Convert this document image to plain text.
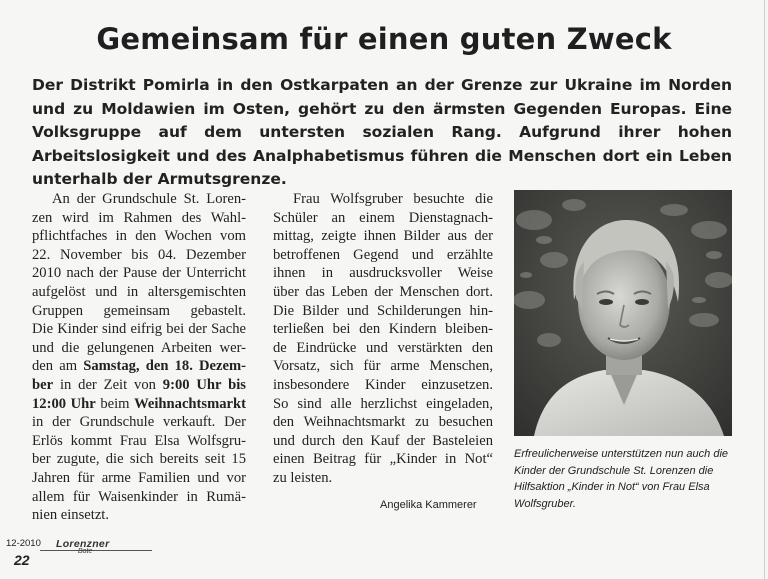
Gemeinsam für einen guten Zweck

Der Distrikt Pomirla in den Ostkarpaten an der Grenze zur Ukraine im Norden und zu Moldawien im Osten, gehört zu den ärmsten Gegenden Europas. Eine Volksgruppe auf dem untersten sozialen Rang. Aufgrund ihrer hohen Arbeitslosigkeit und des Analphabetismus führen die Menschen dort ein Leben unterhalb der Armutsgrenze.

An der Grundschule St. Loren-
zen wird im Rahmen des Wahl-
pflichtfaches in den Wochen vom
22. November bis 04. Dezember
2010 nach der Pause der Unterricht
aufgelöst und in altersgemischten
Gruppen gemeinsam gebastelt.
Die Kinder sind eifrig bei der Sache
und die gelungenen Arbeiten wer-
den am Samstag, den 18. Dezem-
ber in der Zeit von 9:00 Uhr bis
12:00 Uhr beim Weihnachtsmarkt
in der Grundschule verkauft. Der
Erlös kommt Frau Elsa Wolfsgru-
ber zugute, die sich bereits seit 15
Jahren für arme Familien und vor
allem für Waisenkinder in Rumä-
nien einsetzt.
Frau Wolfsgruber besuchte die
Schüler an einem Dienstagnach-
mittag, zeigte ihnen Bilder aus der
betroffenen Gegend und erzählte
ihnen in ausdrucksvoller Weise
über das Leben der Menschen dort.
Die Bilder und Schilderungen hin-
terließen bei den Kindern bleiben-
de Eindrücke und verstärkten den
Vorsatz, sich für arme Menschen,
insbesondere Kinder einzusetzen.
So sind alle herzlichst eingeladen,
den Weihnachtsmarkt zu besuchen
und durch den Kauf der Basteleien
einen Beitrag für „Kinder in Not“
zu leisten.
Angelika Kammerer
Erfreulicherweise unterstützen nun auch die Kinder der Grundschule St. Lorenzen die Hilfsaktion „Kinder in Not“ von Frau Elsa Wolfsgruber.
12-2010 Lorenzner
Bote
22
